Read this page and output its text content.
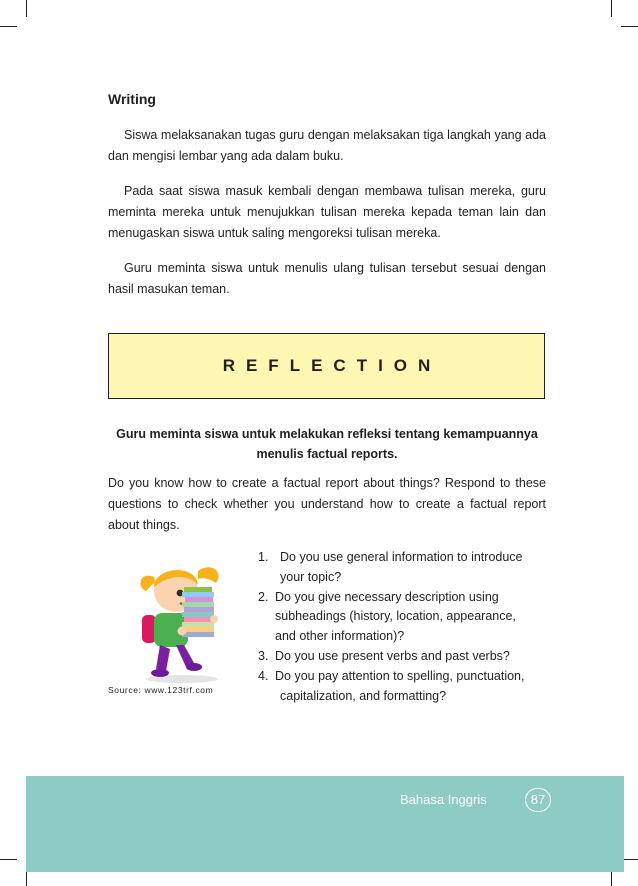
Writing

Siswa melaksanakan tugas guru dengan melaksakan tiga langkah yang ada dan mengisi lembar yang ada dalam buku.

Pada saat siswa masuk kembali dengan membawa tulisan mereka, guru meminta mereka untuk menujukkan tulisan mereka kepada teman lain dan menugaskan siswa untuk saling mengoreksi tulisan mereka.

Guru meminta siswa untuk menulis ulang tulisan tersebut sesuai dengan hasil masukan teman.

REFLECTION
Guru meminta siswa untuk melakukan refleksi tentang kemampuannya
menulis factual reports.

Do you know how to create a factual report about things? Respond to these questions to check whether you understand how to create a factual report about things.

Source: www.123trf.com
1. Do you use general information to introduce
your topic?
2. Do you give necessary description using
subheadings (history, location, appearance,
and other information)?
3. Do you use present verbs and past verbs?
4. Do you pay attention to spelling, punctuation,
capitalization, and formatting?
Bahasa Inggris	87
